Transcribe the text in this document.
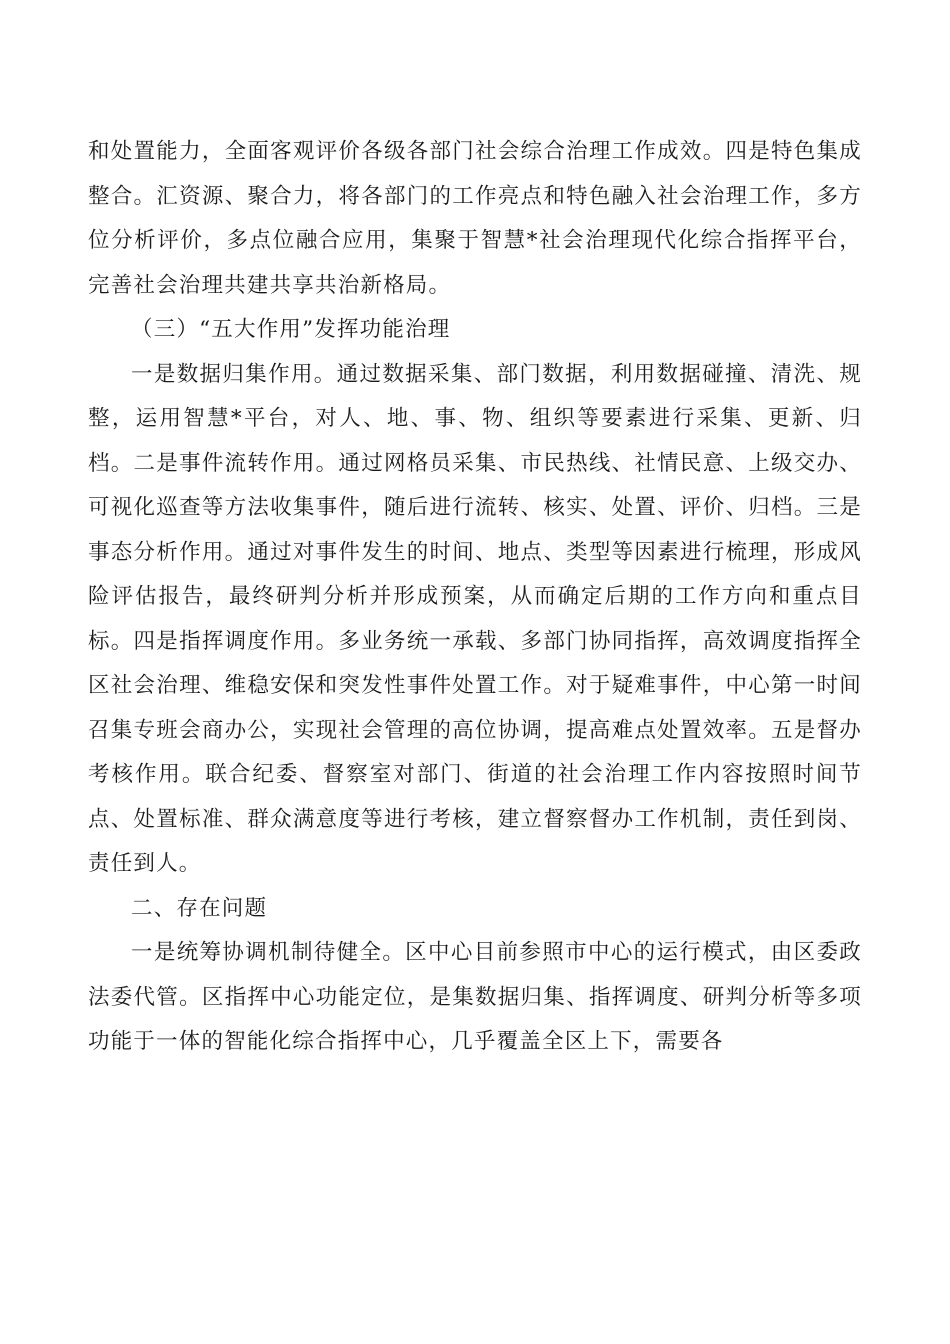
和处置能力，全面客观评价各级各部门社会综合治理工作成效。四是特色集成整合。汇资源、聚合力，将各部门的工作亮点和特色融入社会治理工作，多方位分析评价，多点位融合应用，集聚于智慧*社会治理现代化综合指挥平台，完善社会治理共建共享共治新格局。

（三）“五大作用”发挥功能治理

一是数据归集作用。通过数据采集、部门数据，利用数据碰撞、清洗、规整，运用智慧*平台，对人、地、事、物、组织等要素进行采集、更新、归档。二是事件流转作用。通过网格员采集、市民热线、社情民意、上级交办、可视化巡查等方法收集事件，随后进行流转、核实、处置、评价、归档。三是事态分析作用。通过对事件发生的时间、地点、类型等因素进行梳理，形成风险评估报告，最终研判分析并形成预案，从而确定后期的工作方向和重点目标。四是指挥调度作用。多业务统一承载、多部门协同指挥，高效调度指挥全区社会治理、维稳安保和突发性事件处置工作。对于疑难事件，中心第一时间召集专班会商办公，实现社会管理的高位协调，提高难点处置效率。五是督办考核作用。联合纪委、督察室对部门、街道的社会治理工作内容按照时间节点、处置标准、群众满意度等进行考核，建立督察督办工作机制，责任到岗、责任到人。

二、存在问题

一是统筹协调机制待健全。区中心目前参照市中心的运行模式，由区委政法委代管。区指挥中心功能定位，是集数据归集、指挥调度、研判分析等多项功能于一体的智能化综合指挥中心，几乎覆盖全区上下，需要各
